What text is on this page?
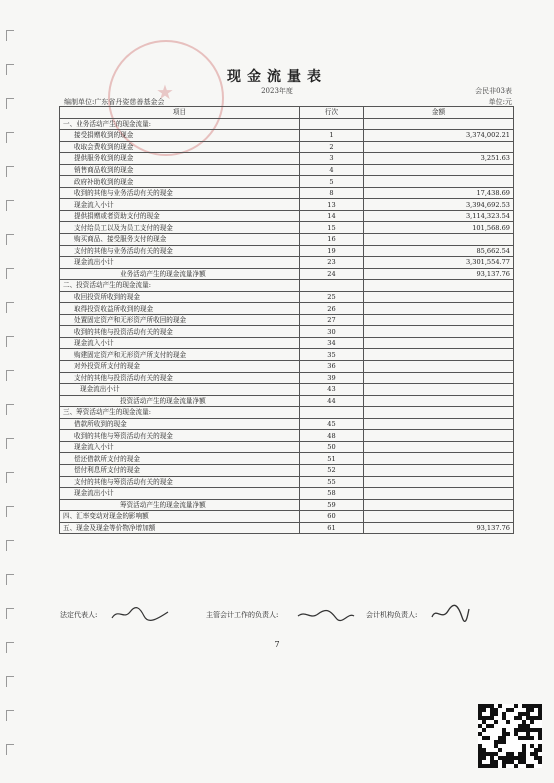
★
现金流量表
2023年度	会民非03表
编制单位:广东省丹姿慈善基金会	单位:元
项目	行次	金额
一、业务活动产生的现金流量:		
接受捐赠收到的现金	1	3,374,002.21
收取会费收到的现金	2	
提供服务收到的现金	3	3,251.63
销售商品收到的现金	4	
政府补助收到的现金	5	
收到的其他与业务活动有关的现金	8	17,438.69
现金流入小计	13	3,394,692.53
提供捐赠或者资助支付的现金	14	3,114,323.54
支付给员工以及为员工支付的现金	15	101,568.69
购买商品、接受服务支付的现金	16	
支付的其他与业务活动有关的现金	19	85,662.54
现金流出小计	23	3,301,554.77
业务活动产生的现金流量净额	24	93,137.76
二、投资活动产生的现金流量:		
收回投资所收到的现金	25	
取得投资收益所收到的现金	26	
处置固定资产和无形资产所收回的现金	27	
收到的其他与投资活动有关的现金	30	
现金流入小计	34	
购建固定资产和无形资产所支付的现金	35	
对外投资所支付的现金	36	
支付的其他与投资活动有关的现金	39	
现金流出小计	43	
投资活动产生的现金流量净额	44	
三、筹资活动产生的现金流量:		
借款所收到的现金	45	
收到的其他与筹资活动有关的现金	48	
现金流入小计	50	
偿还借款所支付的现金	51	
偿付利息所支付的现金	52	
支付的其他与筹资活动有关的现金	55	
现金流出小计	58	
筹资活动产生的现金流量净额	59	
四、汇率变动对现金的影响额	60	
五、现金及现金等价物净增加额	61	93,137.76
法定代表人:	主管会计工作的负责人:	会计机构负责人:
7
